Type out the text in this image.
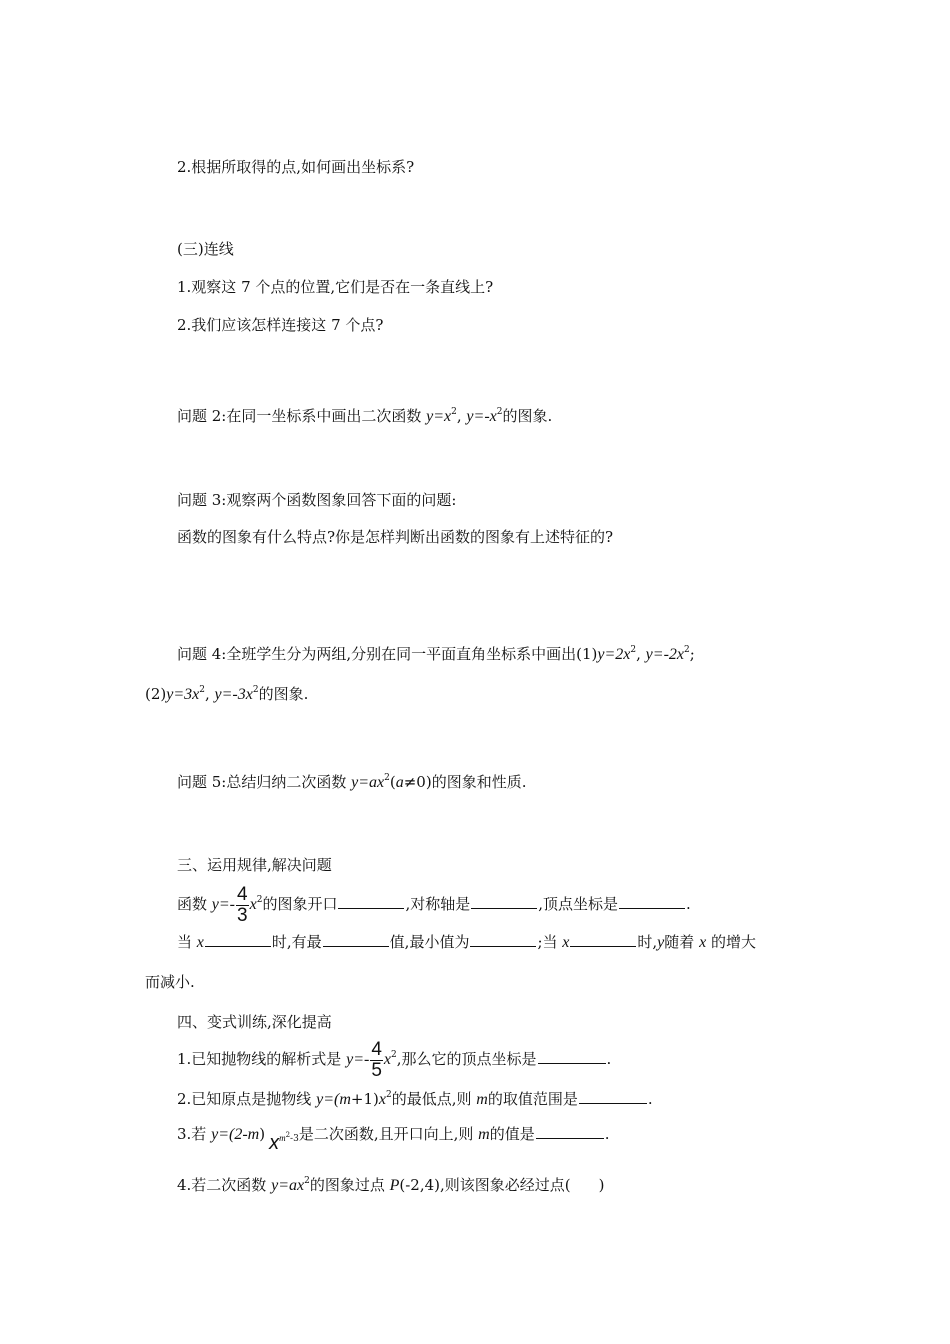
2.根据所取得的点,如何画出坐标系?
(三)连线
1.观察这 7 个点的位置,它们是否在一条直线上?
2.我们应该怎样连接这 7 个点?
问题 2:在同一坐标系中画出二次函数 $y=x^2$, $y=-x^2$的图象.
问题 3:观察两个函数图象回答下面的问题:
函数的图象有什么特点?你是怎样判断出函数的图象有上述特征的?
问题 4:全班学生分为两组,分别在同一平面直角坐标系中画出$(1)y=2x^2$, $y=-2x^2$;
$(2)y=3x^2$, $y=-3x^2$的图象.
问题 5:总结归纳二次函数 $y=ax^2(a\ne 0)$的图象和性质.
三、运用规律,解决问题
函数 $y=- \frac{4}{3} x^2$的图象开口	,对称轴是	,顶点坐标是	.
当 x	时,有最	值,最小值为	;当 x	时,y随着 x 的增大
而减小.
四、变式训练,深化提高
1.已知抛物线的解析式是 $y=- \frac{4}{5} x^2$,那么它的顶点坐标是	.
2.已知原点是抛物线 $y=(m+1)x^2$的最低点,则 m的取值范围是	.
3.若 y=(2-m) $xm^2-3$是二次函数,且开口向上,则 m的值是	.
4.若二次函数 $y=ax^2$的图象过点 P(-2,4),则该图象必经过点( )
